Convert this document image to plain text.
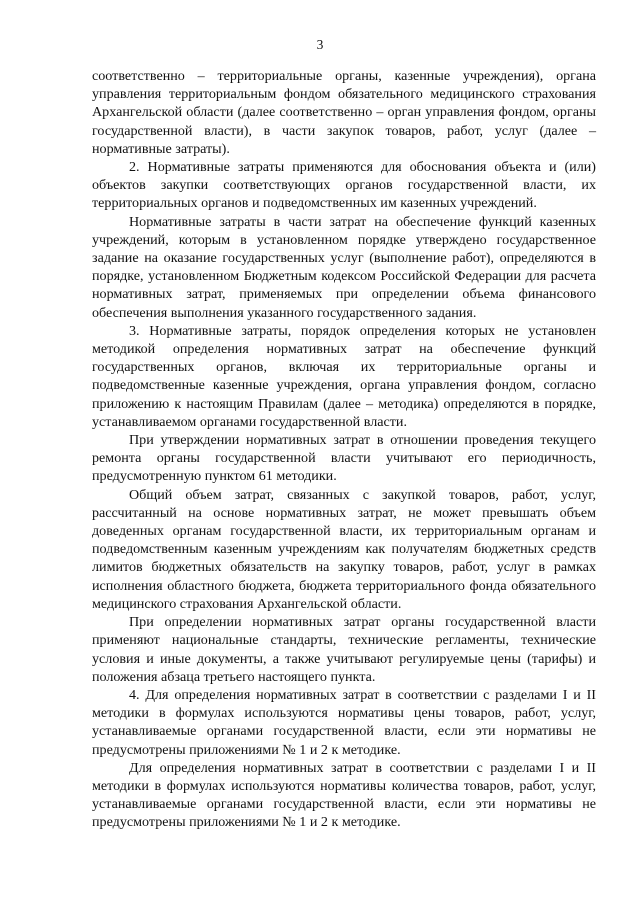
3

соответственно – территориальные органы, казенные учреждения), органа управления территориальным фондом обязательного медицинского страхования Архангельской области (далее соответственно – орган управления фондом, органы государственной власти), в части закупок товаров, работ, услуг (далее – нормативные затраты).

2. Нормативные затраты применяются для обоснования объекта и (или) объектов закупки соответствующих органов государственной власти, их территориальных органов и подведомственных им казенных учреждений.

Нормативные затраты в части затрат на обеспечение функций казенных учреждений, которым в установленном порядке утверждено государственное задание на оказание государственных услуг (выполнение работ), определяются в порядке, установленном Бюджетным кодексом Российской Федерации для расчета нормативных затрат, применяемых при определении объема финансового обеспечения выполнения указанного государственного задания.

3. Нормативные затраты, порядок определения которых не установлен методикой определения нормативных затрат на обеспечение функций государственных органов, включая их территориальные органы и подведомственные казенные учреждения, органа управления фондом, согласно приложению к настоящим Правилам (далее – методика) определяются в порядке, устанавливаемом органами государственной власти.

При утверждении нормативных затрат в отношении проведения текущего ремонта органы государственной власти учитывают его периодичность, предусмотренную пунктом 61 методики.

Общий объем затрат, связанных с закупкой товаров, работ, услуг, рассчитанный на основе нормативных затрат, не может превышать объем доведенных органам государственной власти, их территориальным органам и подведомственным казенным учреждениям как получателям бюджетных средств лимитов бюджетных обязательств на закупку товаров, работ, услуг в рамках исполнения областного бюджета, бюджета территориального фонда обязательного медицинского страхования Архангельской области.

При определении нормативных затрат органы государственной власти применяют национальные стандарты, технические регламенты, технические условия и иные документы, а также учитывают регулируемые цены (тарифы) и положения абзаца третьего настоящего пункта.

4. Для определения нормативных затрат в соответствии с разделами I и II методики в формулах используются нормативы цены товаров, работ, услуг, устанавливаемые органами государственной власти, если эти нормативы не предусмотрены приложениями № 1 и 2 к методике.

Для определения нормативных затрат в соответствии с разделами I и II методики в формулах используются нормативы количества товаров, работ, услуг, устанавливаемые органами государственной власти, если эти нормативы не предусмотрены приложениями № 1 и 2 к методике.
